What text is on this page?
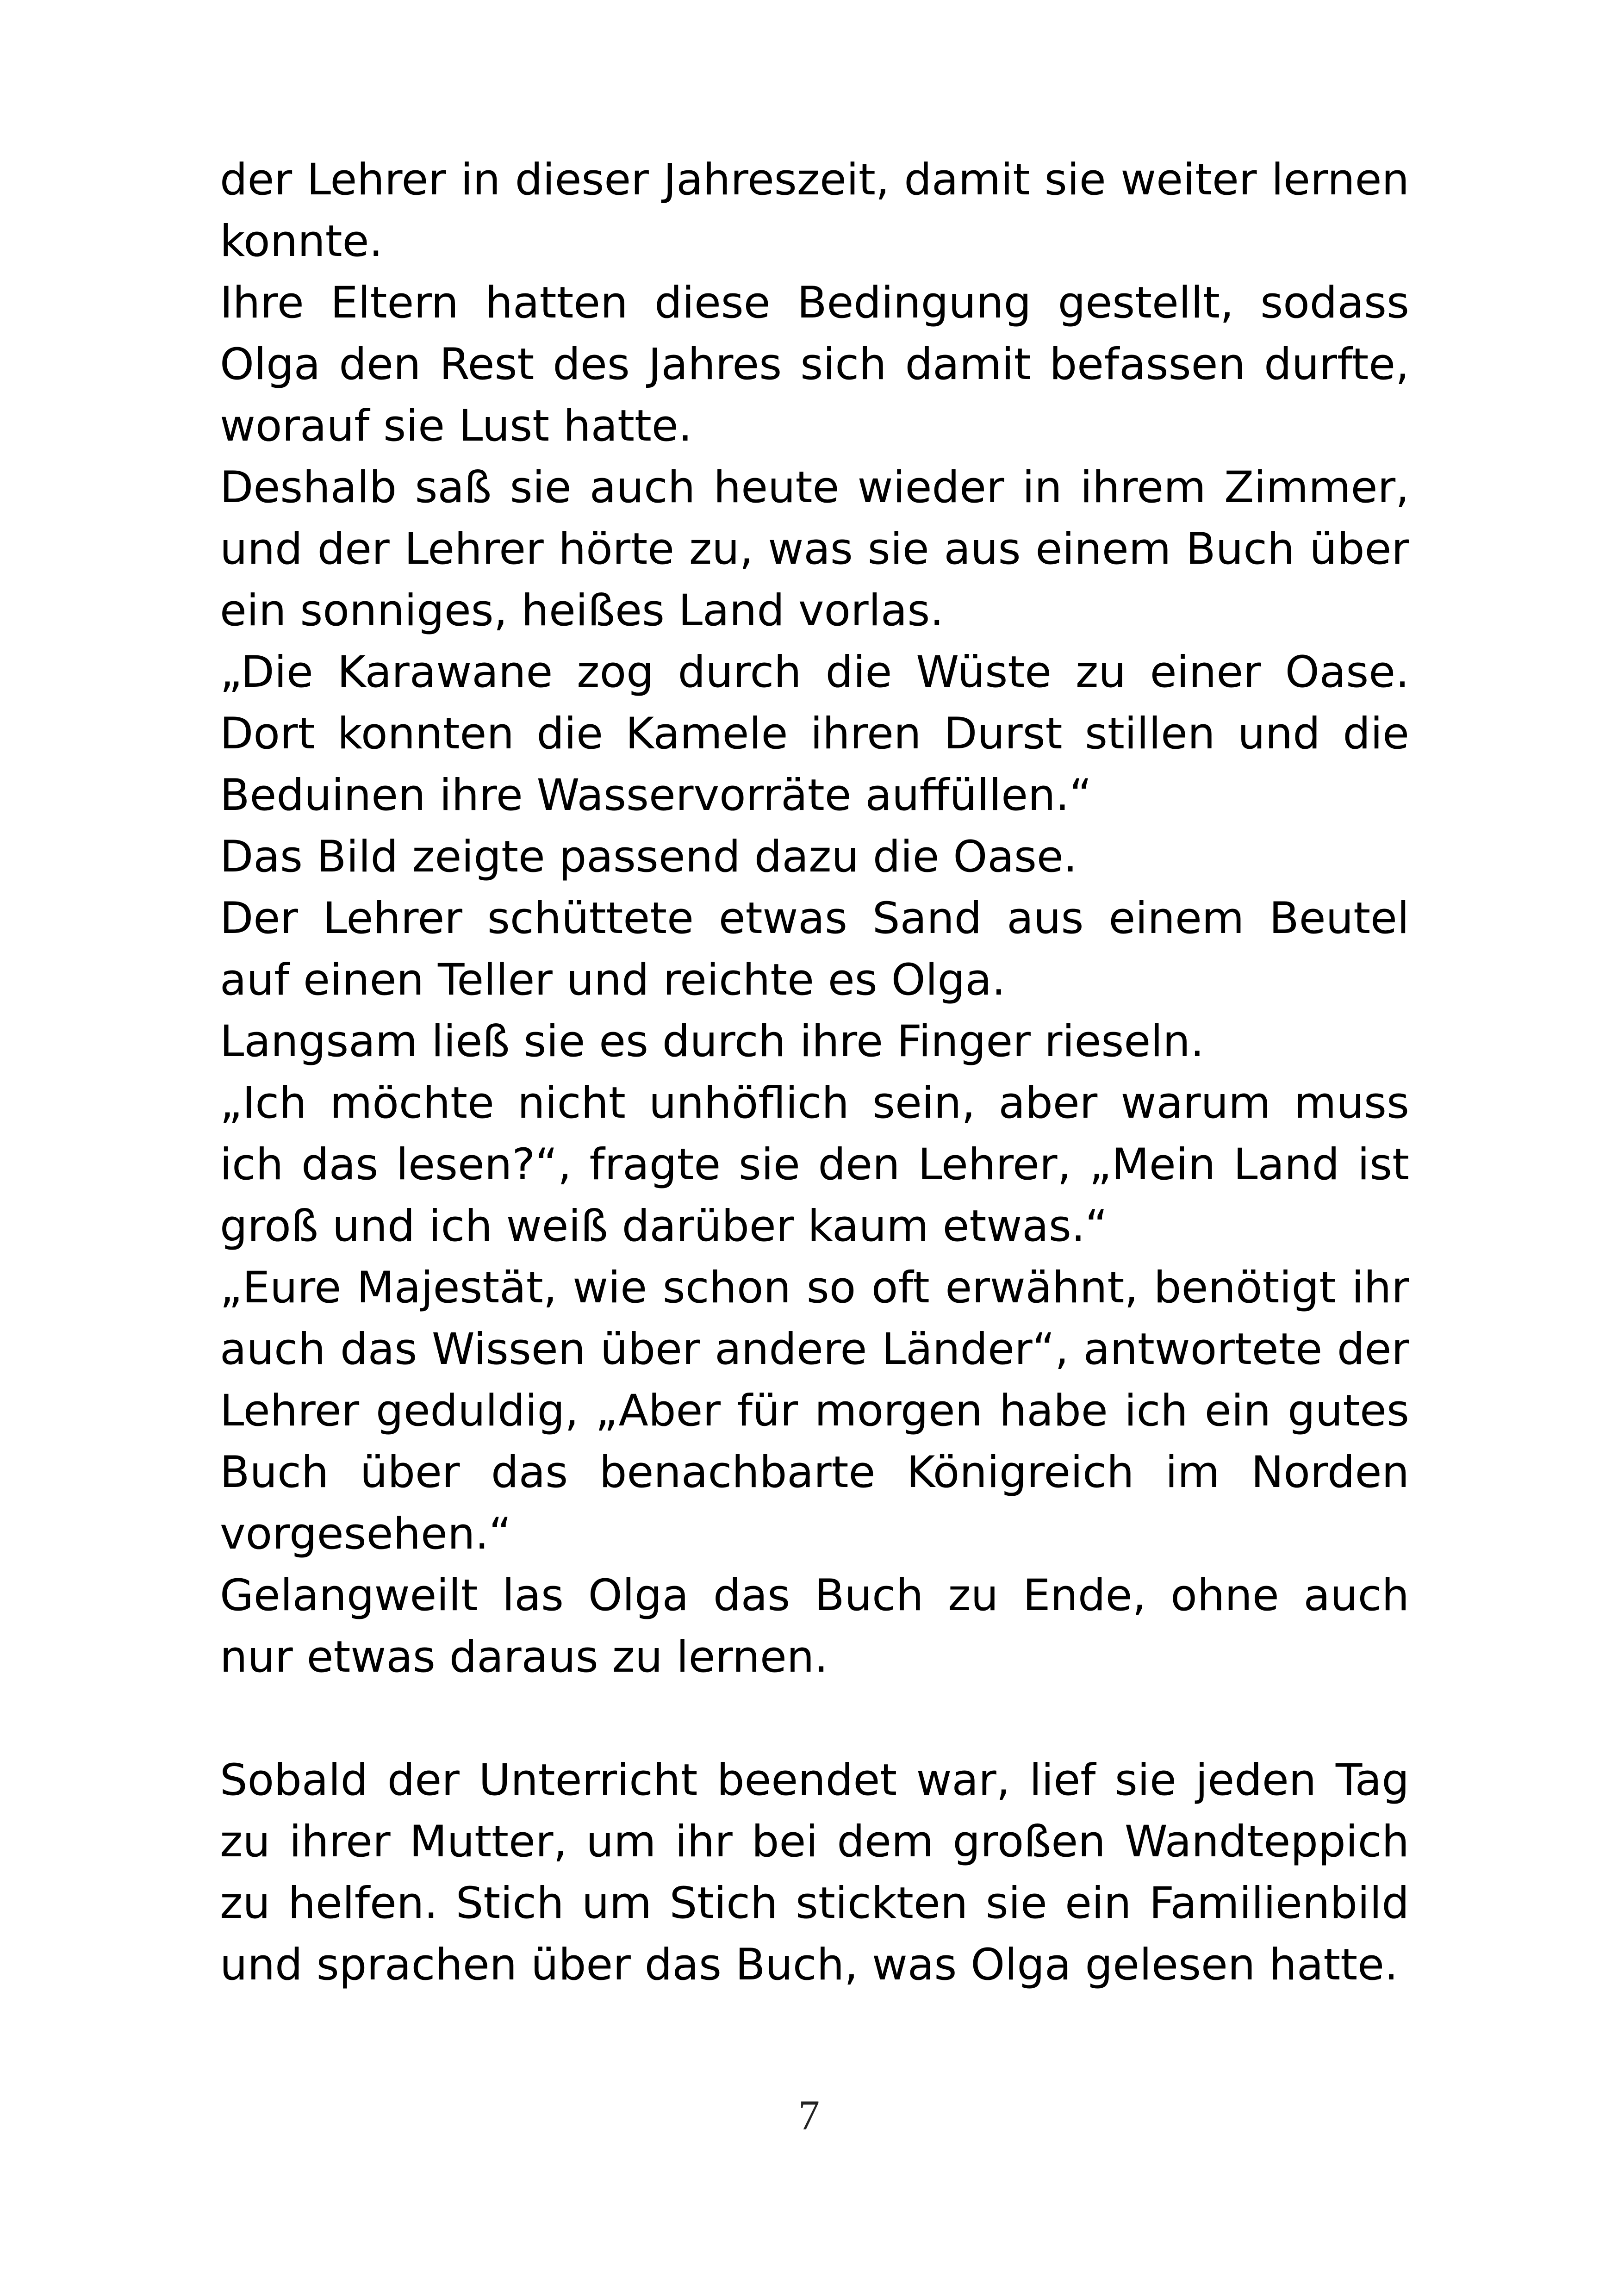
der Lehrer in dieser Jahreszeit, damit sie weiter lernen konnte.

Ihre Eltern hatten diese Bedingung gestellt, sodass Olga den Rest des Jahres sich damit befassen durfte, worauf sie Lust hatte.

Deshalb saß sie auch heute wieder in ihrem Zimmer, und der Lehrer hörte zu, was sie aus einem Buch über ein sonniges, heißes Land vorlas.

„Die Karawane zog durch die Wüste zu einer Oase. Dort konnten die Kamele ihren Durst stillen und die Beduinen ihre Wasservorräte auffüllen.“

Das Bild zeigte passend dazu die Oase.

Der Lehrer schüttete etwas Sand aus einem Beutel auf einen Teller und reichte es Olga.

Langsam ließ sie es durch ihre Finger rieseln.

„Ich möchte nicht unhöflich sein, aber warum muss ich das lesen?“, fragte sie den Lehrer, „Mein Land ist groß und ich weiß darüber kaum etwas.“

„Eure Majestät, wie schon so oft erwähnt, benötigt ihr auch das Wissen über andere Länder“, antwortete der Lehrer geduldig, „Aber für morgen habe ich ein gutes Buch über das benachbarte Königreich im Norden vorgesehen.“

Gelangweilt las Olga das Buch zu Ende, ohne auch nur etwas daraus zu lernen.

Sobald der Unterricht beendet war, lief sie jeden Tag zu ihrer Mutter, um ihr bei dem großen Wandteppich zu helfen. Stich um Stich stickten sie ein Familienbild und sprachen über das Buch, was Olga gelesen hatte.

7
